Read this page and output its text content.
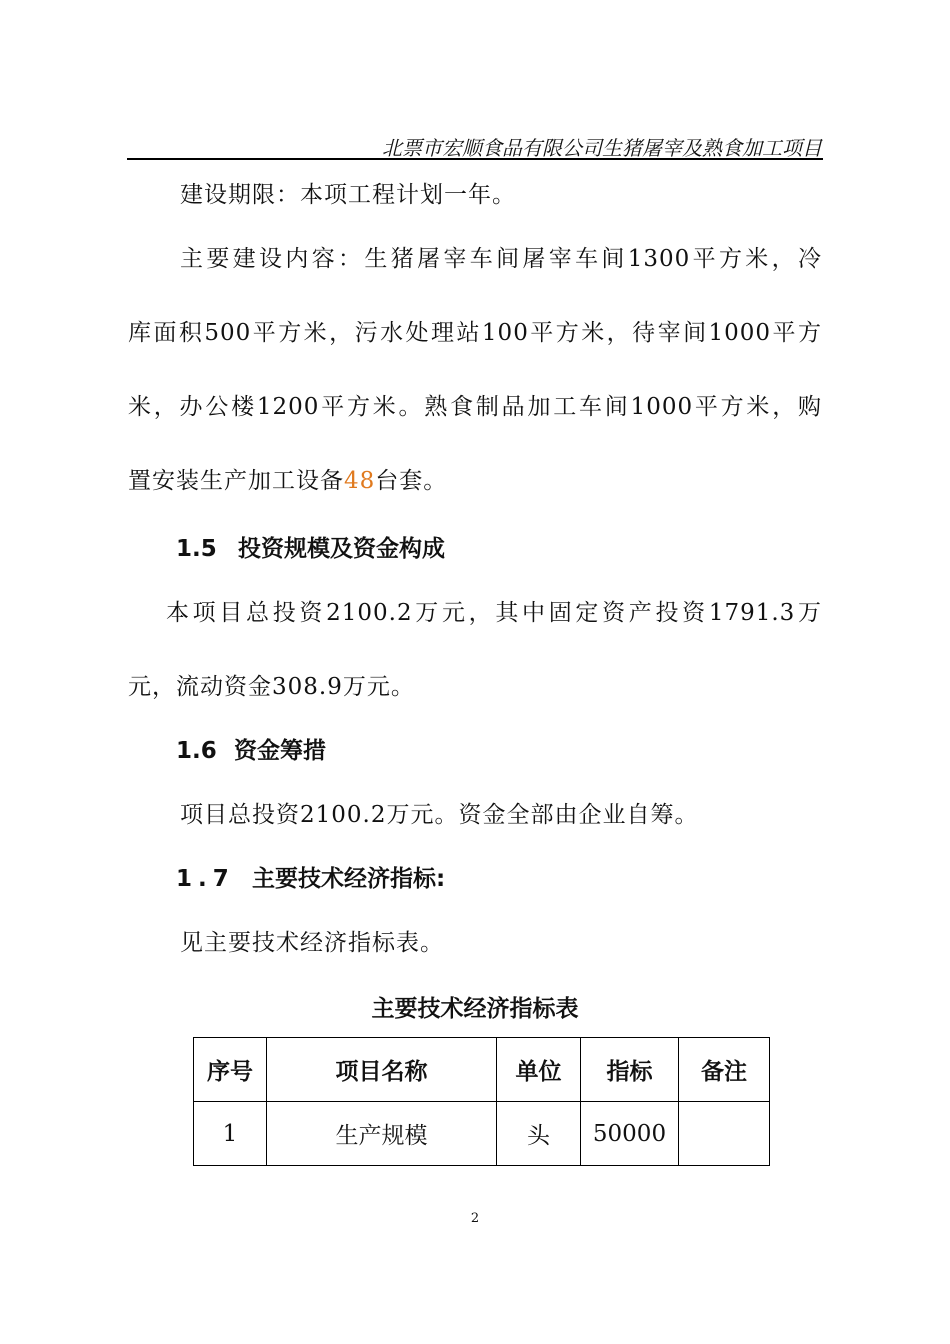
北票市宏顺食品有限公司生猪屠宰及熟食加工项目
建设期限：本项工程计划一年。
主要建设内容：生猪屠宰车间屠宰车间1300平方米，冷
库面积500平方米，污水处理站100平方米，待宰间1000平方
米，办公楼1200平方米。熟食制品加工车间1000平方米，购
置安装生产加工设备48台套。
1.5 投资规模及资金构成
本项目总投资2100.2万元，其中固定资产投资1791.3万
元，流动资金308.9万元。
1.6 资金筹措
项目总投资2100.2万元。资金全部由企业自筹。
1.7 主要技术经济指标:
见主要技术经济指标表。
主要技术经济指标表
序号	项目名称	单位	指标	备注
1	生产规模	头	50000	
2
